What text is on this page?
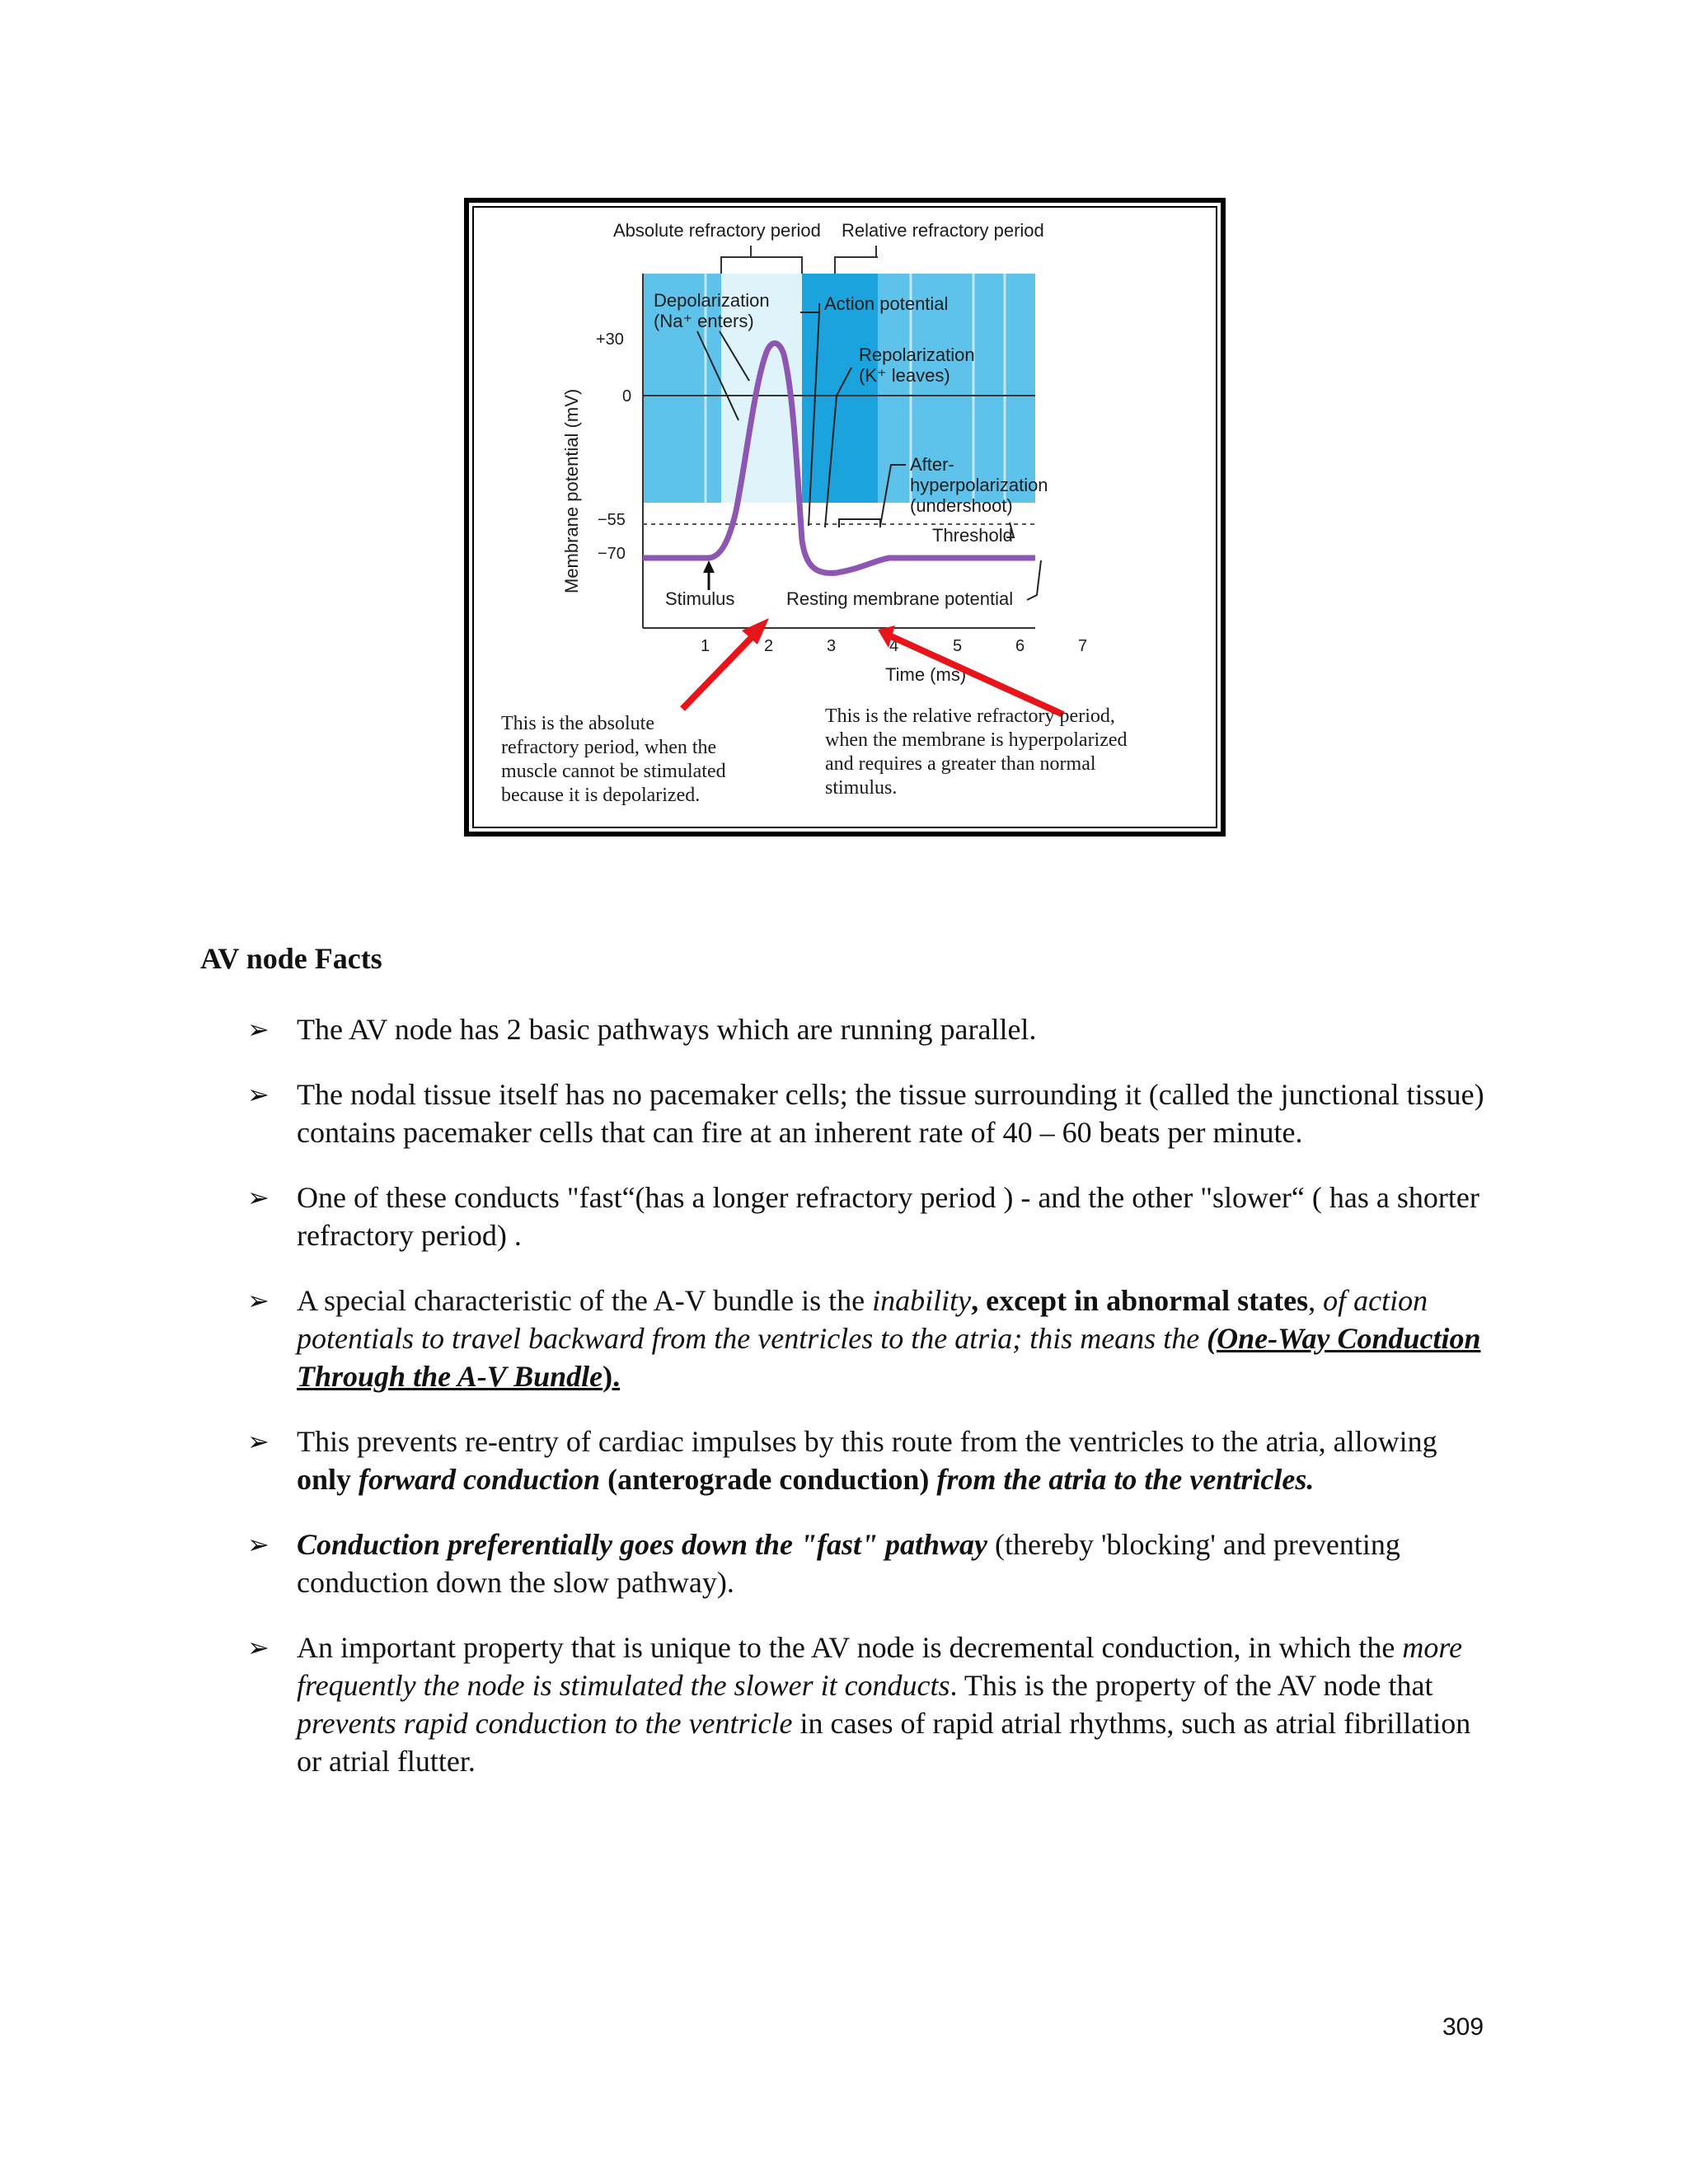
Absolute refractory period Relative refractory period
Membrane potential (mV)
+30
0
−55
−70
1	2	3	4	5	6	7
Time (ms)
Depolarization
(Na⁺ enters)
Action potential
Repolarization
(K⁺ leaves)
After-
hyperpolarization
(undershoot)
Threshold
Stimulus	Resting membrane potential
This is the absolute
refractory period, when the
muscle cannot be stimulated
because it is depolarized.
This is the relative refractory period,
when the membrane is hyperpolarized
and requires a greater than normal
stimulus.
AV node Facts
➢ The AV node has 2 basic pathways which are running parallel.
➢ The nodal tissue itself has no pacemaker cells; the tissue surrounding it (called the junctional tissue) contains pacemaker cells that can fire at an inherent rate of 40 – 60 beats per minute.
➢ One of these conducts "fast“(has a longer refractory period ) - and the other "slower“ ( has a shorter refractory period) .
➢ A special characteristic of the A-V bundle is the inability, except in abnormal states, of action potentials to travel backward from the ventricles to the atria; this means the (One-Way Conduction Through the A-V Bundle).
➢ This prevents re-entry of cardiac impulses by this route from the ventricles to the atria, allowing only forward conduction (anterograde conduction) from the atria to the ventricles.
➢ Conduction preferentially goes down the "fast" pathway (thereby 'blocking' and preventing conduction down the slow pathway).
➢ An important property that is unique to the AV node is decremental conduction, in which the more frequently the node is stimulated the slower it conducts. This is the property of the AV node that prevents rapid conduction to the ventricle in cases of rapid atrial rhythms, such as atrial fibrillation or atrial flutter.
309
